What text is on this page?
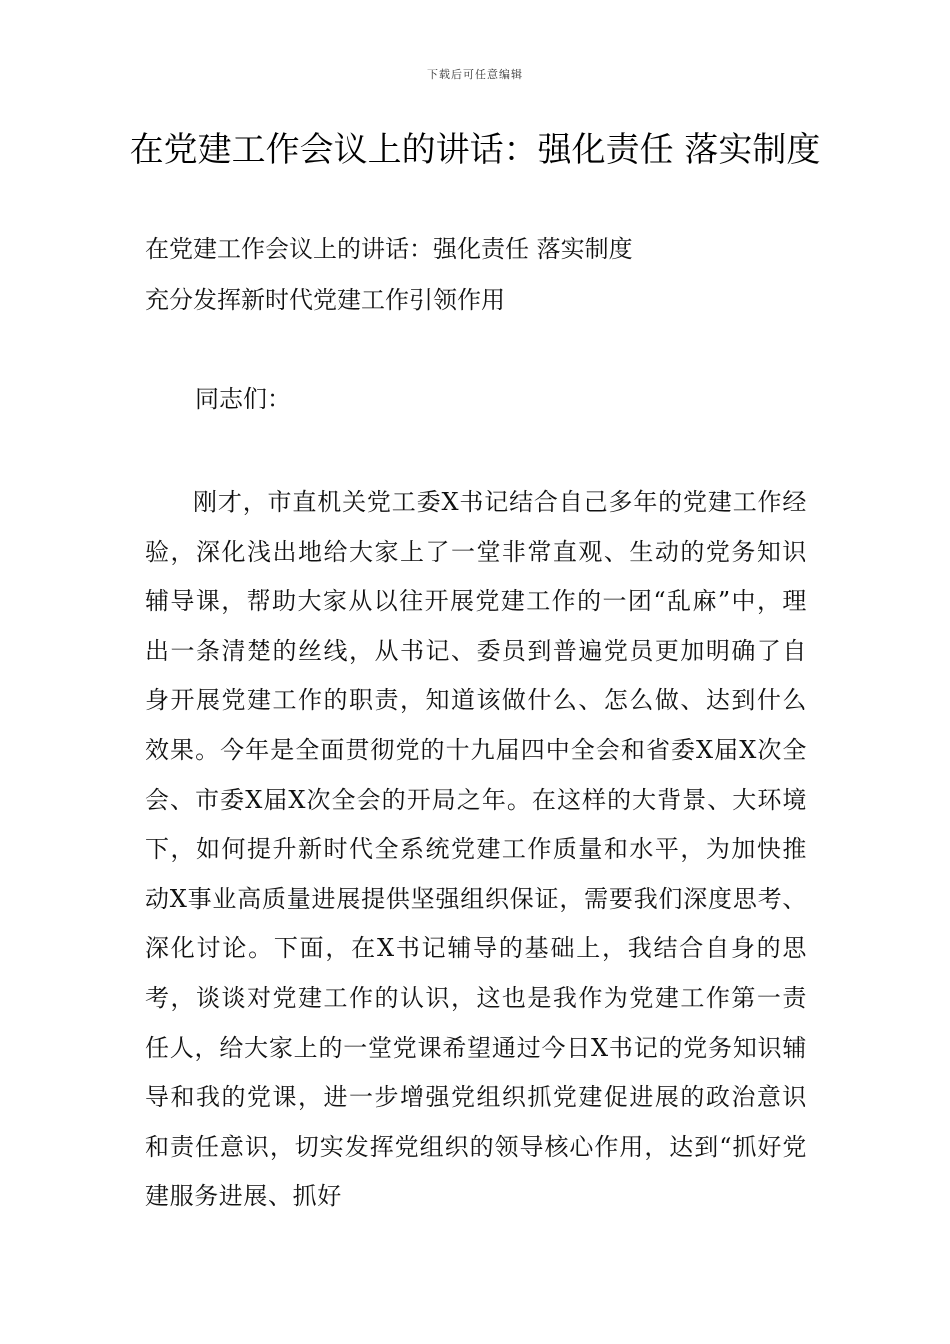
下载后可任意编辑
在党建工作会议上的讲话：强化责任 落实制度

在党建工作会议上的讲话：强化责任 落实制度

充分发挥新时代党建工作引领作用

同志们：

刚才，市直机关党工委X书记结合自己多年的党建工作经验，深化浅出地给大家上了一堂非常直观、生动的党务知识辅导课，帮助大家从以往开展党建工作的一团“乱麻”中，理出一条清楚的丝线，从书记、委员到普遍党员更加明确了自身开展党建工作的职责，知道该做什么、怎么做、达到什么效果。今年是全面贯彻党的十九届四中全会和省委X届X次全会、市委X届X次全会的开局之年。在这样的大背景、大环境下，如何提升新时代全系统党建工作质量和水平，为加快推动X事业高质量进展提供坚强组织保证，需要我们深度思考、深化讨论。下面，在X书记辅导的基础上，我结合自身的思考，谈谈对党建工作的认识，这也是我作为党建工作第一责任人，给大家上的一堂党课希望通过今日X书记的党务知识辅导和我的党课，进一步增强党组织抓党建促进展的政治意识和责任意识，切实发挥党组织的领导核心作用，达到“抓好党建服务进展、抓好
